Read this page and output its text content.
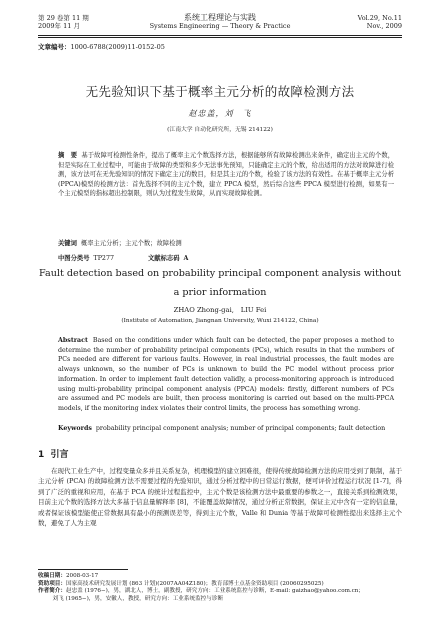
第 29 卷第 11 期
2009年 11 月
系统工程理论与实践
Systems Engineering — Theory & Practice
Vol.29, No.11
Nov., 2009
文章编号：1000-6788(2009)11-0152-05
无先验知识下基于概率主元分析的故障检测方法
赵忠盖，刘　飞
(江南大学 自动化研究所，无锡 214122)
摘　要 基于故障可检测性条件，提出了概率主元个数选择方法，根据能够所有故障检测出来条件，确定出主元的个数，但是实际在工业过程中，可能由于故障的类型和多少无法事先预知，只能确定主元的个数，给出适用的方法对故障进行检测，该方法可在无先验知识的情况下确定主元的数目，但是其主元的个数，检验了该方法的有效性。在基于概率主元分析(PPCA)模型的检测方法：首先选择不同的主元个数，建立 PPCA 模型，然后综合这些 PPCA 模型进行检测，如果有一个主元模型的指标超出控制限，则认为过程发生故障，从而实现故障检测。
关键词 概率主元分析；主元个数；故障检测
中图分类号 TP277	文献标志码 A
Fault detection based on probability principal component analysis without a prior information
ZHAO Zhong-gai,　LIU Fei
(Institute of Automation, Jiangnan University, Wuxi 214122, China)
Abstract Based on the conditions under which fault can be detected, the paper proposes a method to determine the number of probability principal components (PCs), which results in that the numbers of PCs needed are different for various faults. However, in real industrial processes, the fault modes are always unknown, so the number of PCs is unknown to build the PC model without process prior information. In order to implement fault detection validly, a process-monitoring approach is introduced using multi-probability principal component analysis (PPCA) models: firstly, different numbers of PCs are assumed and PC models are built, then process monitoring is carried out based on the multi-PPCA models, if the monitoring index violates their control limits, the process has something wrong.
Keywords probability principal component analysis; number of principal components; fault detection
1 引言
在现代工业生产中，过程变量众多并且关系复杂，机理模型的建立困难很，使得传统故障检测方法的应用受到了限制，基于主元分析 (PCA) 的故障检测方法不需要过程的先验知识，通过分析过程中的日常运行数据，便可评价过程运行状况 [1-7]，得到了广泛的重视和应用，在基于 PCA 的统计过程监控中，主元个数是该检测方法中最重要的参数之一，直接关系到检测效果，目前主元个数的选择方法大多基于信息量解释率 [8]，不能覆盖故障情况，通过分析正常数据，保证主元中含有一定的信息量，或者保证该模型能使正常数据具有最小的预测误差等，得到主元个数，Valle 和 Dunia 等基于故障可检测性提出来选择主元个数，避免了人为主观
收稿日期：2008-03-17
资助项目：国家高技术研究发展计划 (863 计划)(2007AA04Z180)；教育部博士点基金资助项目 (20060295025)
作者简介：赵忠盖 (1976−)，男，湖北人，博士，副教授，研究方向：工业系统监控与诊断，E-mail: gaizhao@yahoo.com.cn；
刘飞 (1965−)，男，安徽人，教授，研究方向：工业系统监控与诊断
